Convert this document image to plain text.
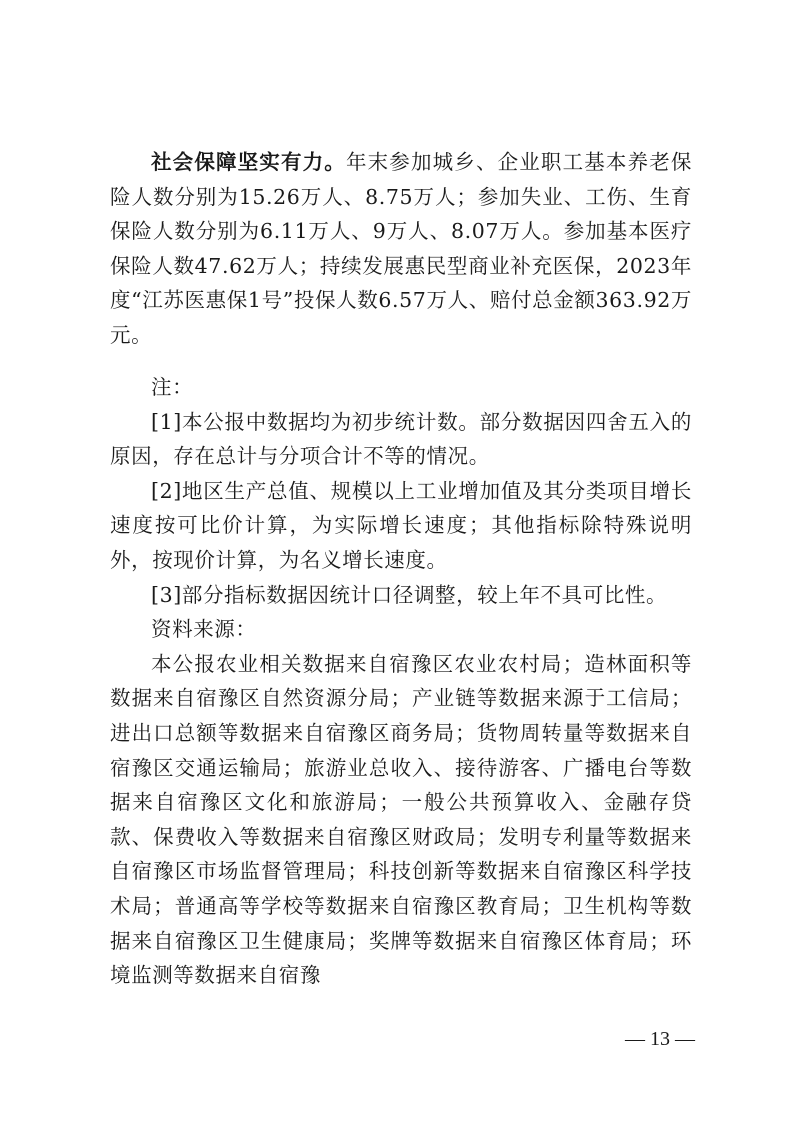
社会保障坚实有力。年末参加城乡、企业职工基本养老保险人数分别为15.26万人、8.75万人；参加失业、工伤、生育保险人数分别为6.11万人、9万人、8.07万人。参加基本医疗保险人数47.62万人；持续发展惠民型商业补充医保，2023年度“江苏医惠保1号”投保人数6.57万人、赔付总金额363.92万元。

注：

[1]本公报中数据均为初步统计数。部分数据因四舍五入的原因，存在总计与分项合计不等的情况。

[2]地区生产总值、规模以上工业增加值及其分类项目增长速度按可比价计算，为实际增长速度；其他指标除特殊说明外，按现价计算，为名义增长速度。

[3]部分指标数据因统计口径调整，较上年不具可比性。

资料来源：

本公报农业相关数据来自宿豫区农业农村局；造林面积等数据来自宿豫区自然资源分局；产业链等数据来源于工信局；进出口总额等数据来自宿豫区商务局；货物周转量等数据来自宿豫区交通运输局；旅游业总收入、接待游客、广播电台等数据来自宿豫区文化和旅游局；一般公共预算收入、金融存贷款、保费收入等数据来自宿豫区财政局；发明专利量等数据来自宿豫区市场监督管理局；科技创新等数据来自宿豫区科学技术局；普通高等学校等数据来自宿豫区教育局；卫生机构等数据来自宿豫区卫生健康局；奖牌等数据来自宿豫区体育局；环境监测等数据来自宿豫

— 13 —
